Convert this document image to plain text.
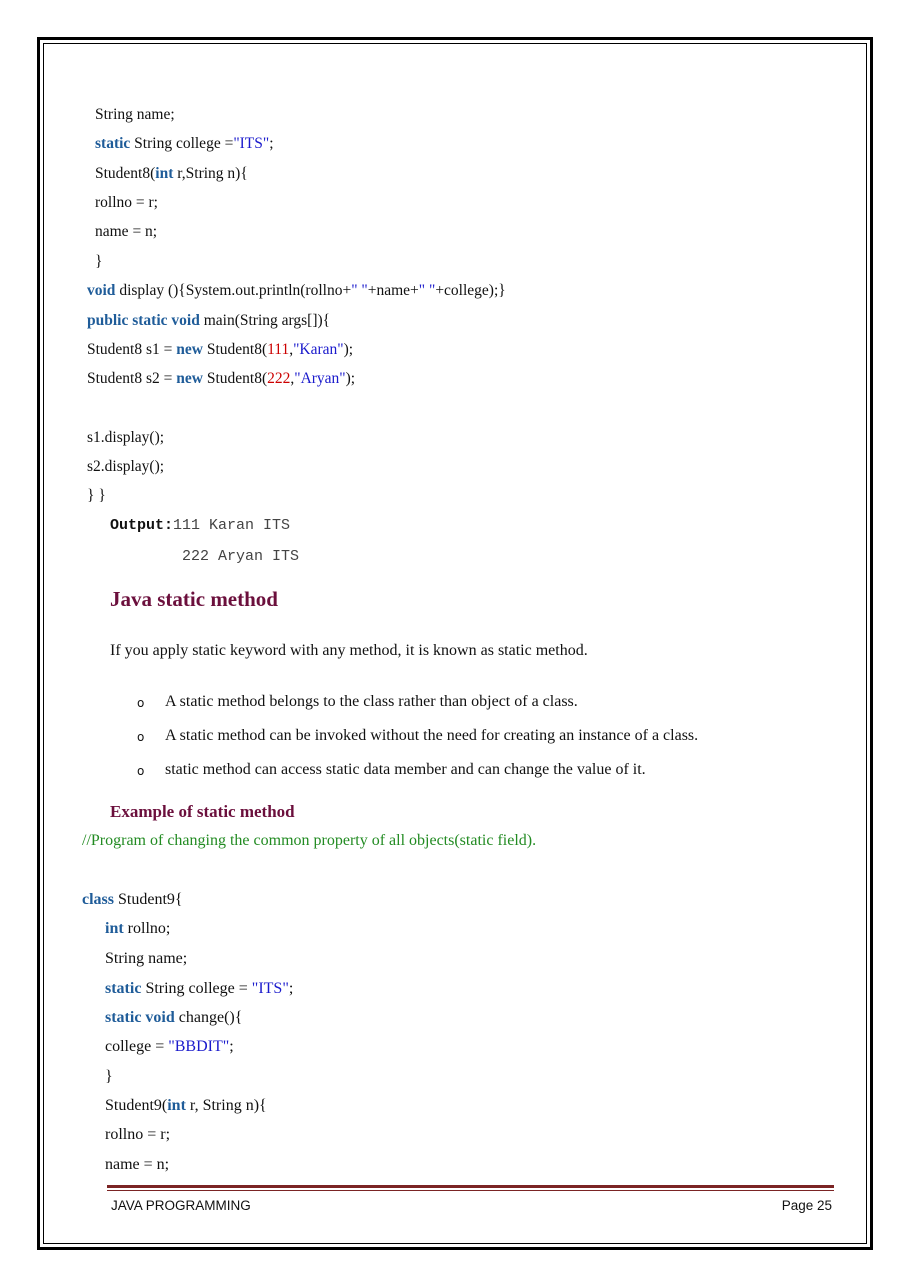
String name;
static String college ="ITS";
Student8(int r,String n){
rollno = r;
name = n;
}
void display (){System.out.println(rollno+" "+name+" "+college);}
public static void main(String args[]){
Student8 s1 = new Student8(111,"Karan");
Student8 s2 = new Student8(222,"Aryan");
s1.display();
s2.display();
} }
Output:111 Karan ITS
222 Aryan ITS
Java static method
If you apply static keyword with any method, it is known as static method.
o A static method belongs to the class rather than object of a class.
o A static method can be invoked without the need for creating an instance of a class.
o static method can access static data member and can change the value of it.
Example of static method
//Program of changing the common property of all objects(static field).
class Student9{
int rollno;
String name;
static String college = "ITS";
static void change(){
college = "BBDIT";
}
Student9(int r, String n){
rollno = r;
name = n;
JAVA PROGRAMMING	Page 25
